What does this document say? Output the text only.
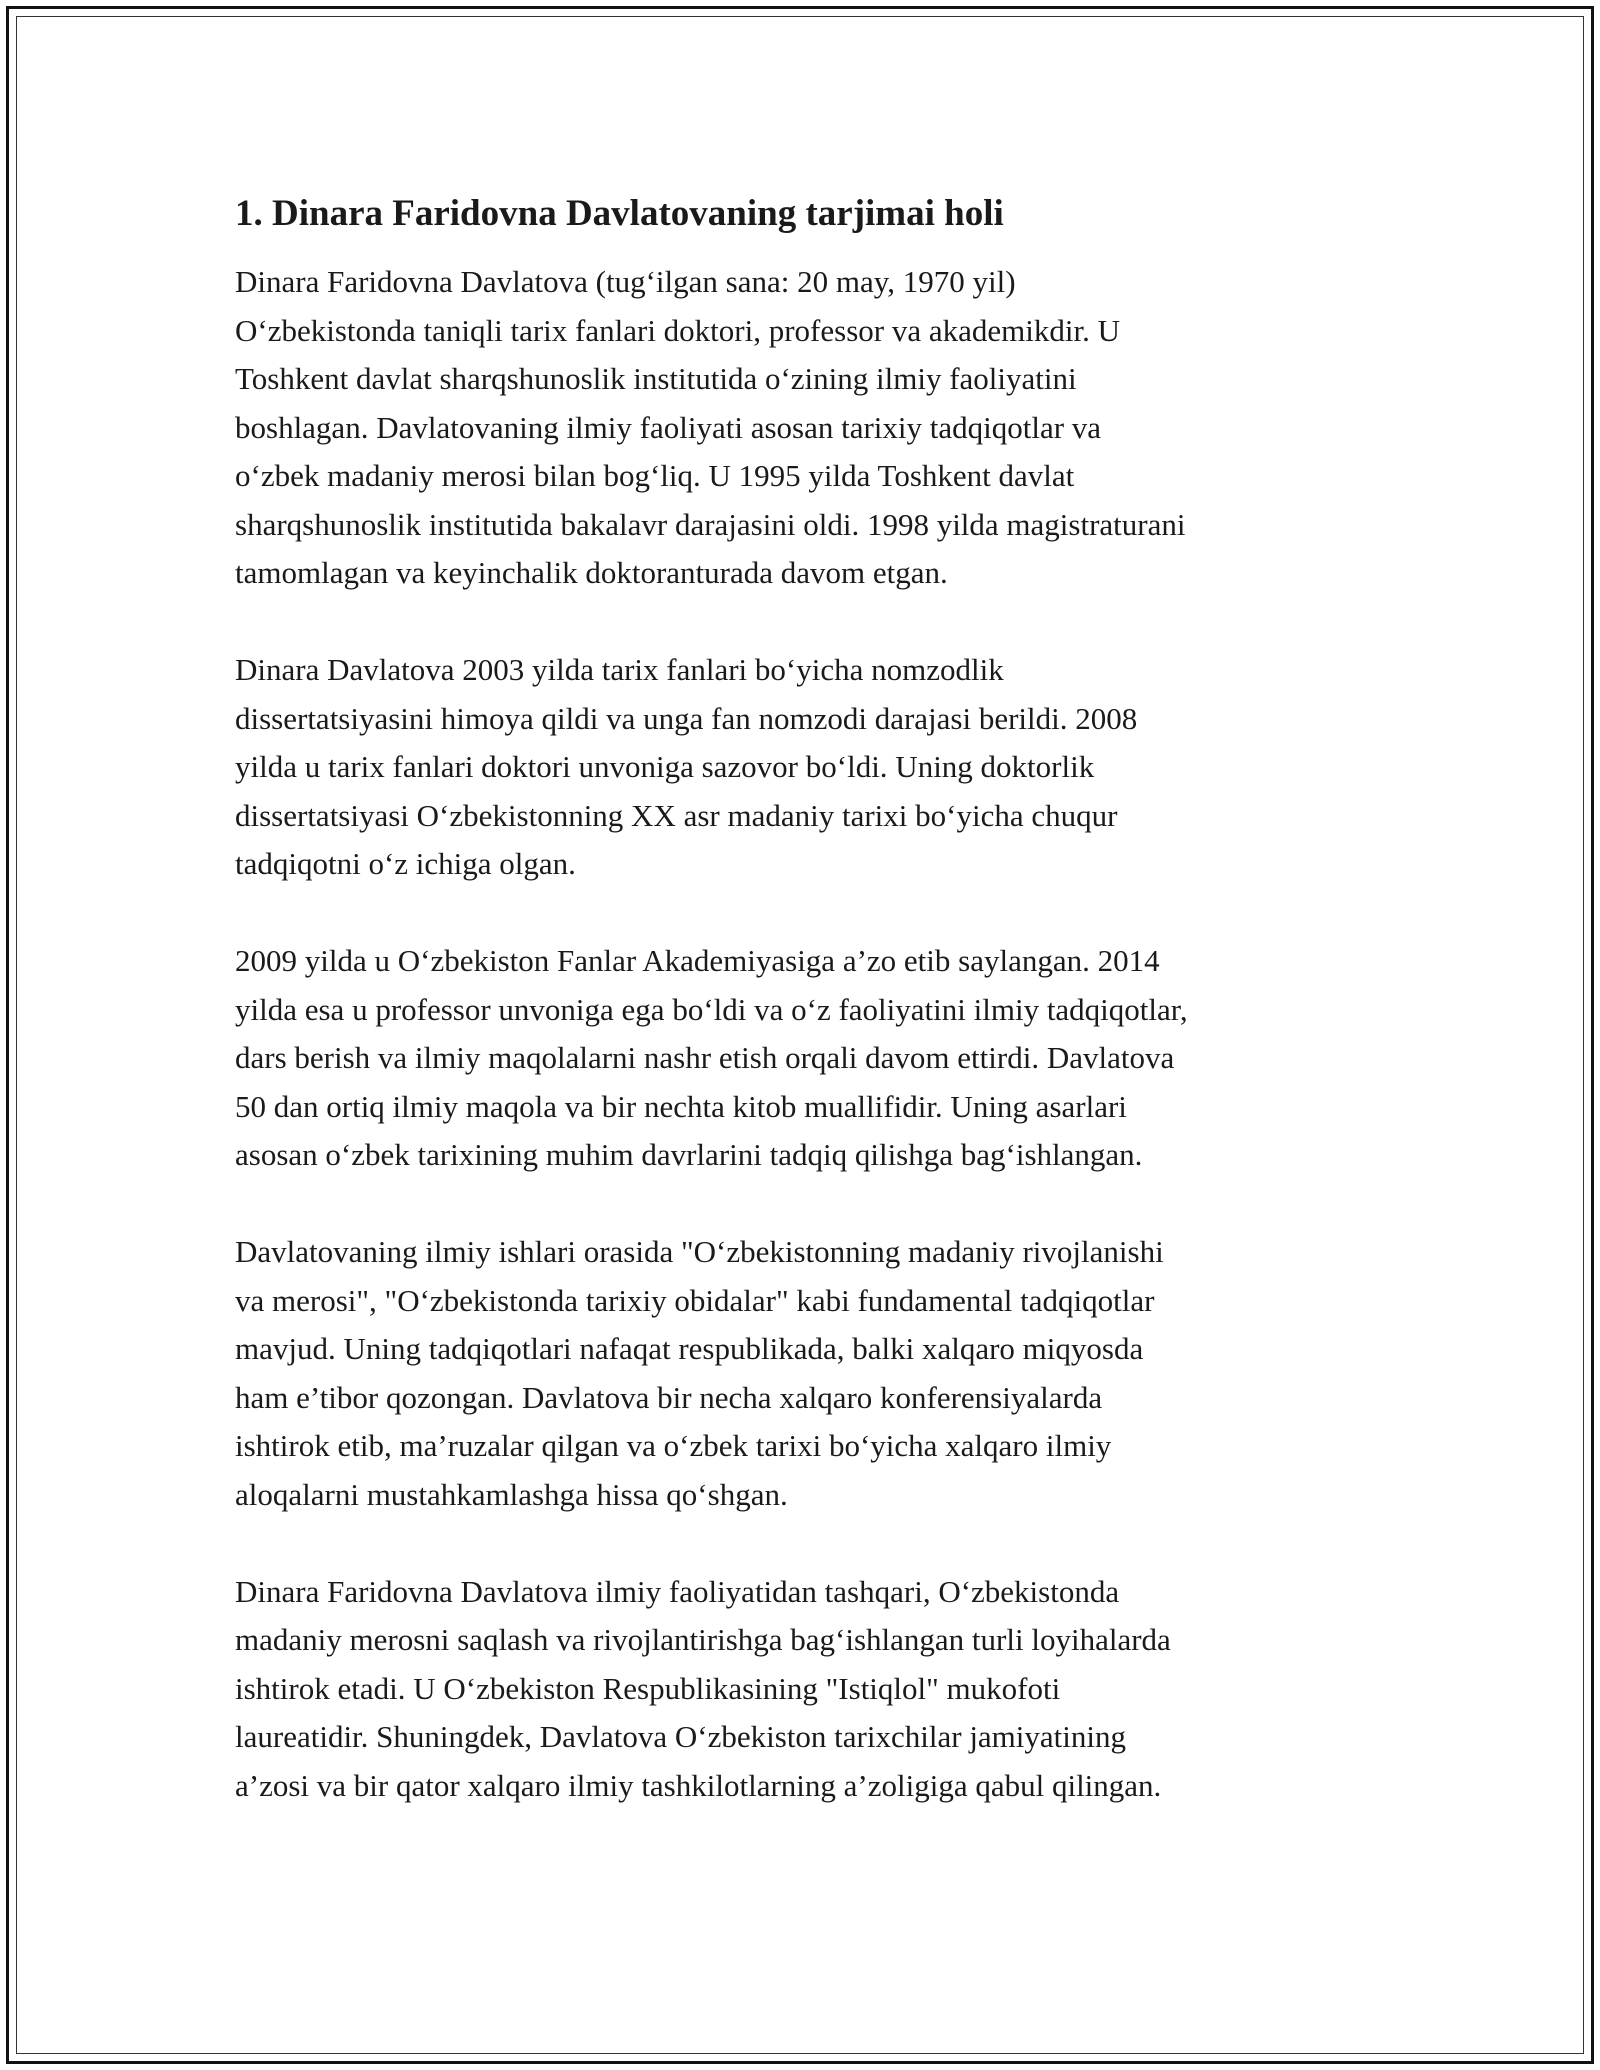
1. Dinara Faridovna Davlatovaning tarjimai holi
Dinara Faridovna Davlatova (tug‘ilgan sana: 20 may, 1970 yil)
O‘zbekistonda taniqli tarix fanlari doktori, professor va akademikdir. U
Toshkent davlat sharqshunoslik institutida o‘zining ilmiy faoliyatini
boshlagan. Davlatovaning ilmiy faoliyati asosan tarixiy tadqiqotlar va
o‘zbek madaniy merosi bilan bog‘liq. U 1995 yilda Toshkent davlat
sharqshunoslik institutida bakalavr darajasini oldi. 1998 yilda magistraturani
tamomlagan va keyinchalik doktoranturada davom etgan.
Dinara Davlatova 2003 yilda tarix fanlari bo‘yicha nomzodlik
dissertatsiyasini himoya qildi va unga fan nomzodi darajasi berildi. 2008
yilda u tarix fanlari doktori unvoniga sazovor bo‘ldi. Uning doktorlik
dissertatsiyasi O‘zbekistonning XX asr madaniy tarixi bo‘yicha chuqur
tadqiqotni o‘z ichiga olgan.
2009 yilda u O‘zbekiston Fanlar Akademiyasiga a’zo etib saylangan. 2014
yilda esa u professor unvoniga ega bo‘ldi va o‘z faoliyatini ilmiy tadqiqotlar,
dars berish va ilmiy maqolalarni nashr etish orqali davom ettirdi. Davlatova
50 dan ortiq ilmiy maqola va bir nechta kitob muallifidir. Uning asarlari
asosan o‘zbek tarixining muhim davrlarini tadqiq qilishga bag‘ishlangan.
Davlatovaning ilmiy ishlari orasida "O‘zbekistonning madaniy rivojlanishi
va merosi", "O‘zbekistonda tarixiy obidalar" kabi fundamental tadqiqotlar
mavjud. Uning tadqiqotlari nafaqat respublikada, balki xalqaro miqyosda
ham e’tibor qozongan. Davlatova bir necha xalqaro konferensiyalarda
ishtirok etib, ma’ruzalar qilgan va o‘zbek tarixi bo‘yicha xalqaro ilmiy
aloqalarni mustahkamlashga hissa qo‘shgan.
Dinara Faridovna Davlatova ilmiy faoliyatidan tashqari, O‘zbekistonda
madaniy merosni saqlash va rivojlantirishga bag‘ishlangan turli loyihalarda
ishtirok etadi. U O‘zbekiston Respublikasining "Istiqlol" mukofoti
laureatidir. Shuningdek, Davlatova O‘zbekiston tarixchilar jamiyatining
a’zosi va bir qator xalqaro ilmiy tashkilotlarning a’zoligiga qabul qilingan.
